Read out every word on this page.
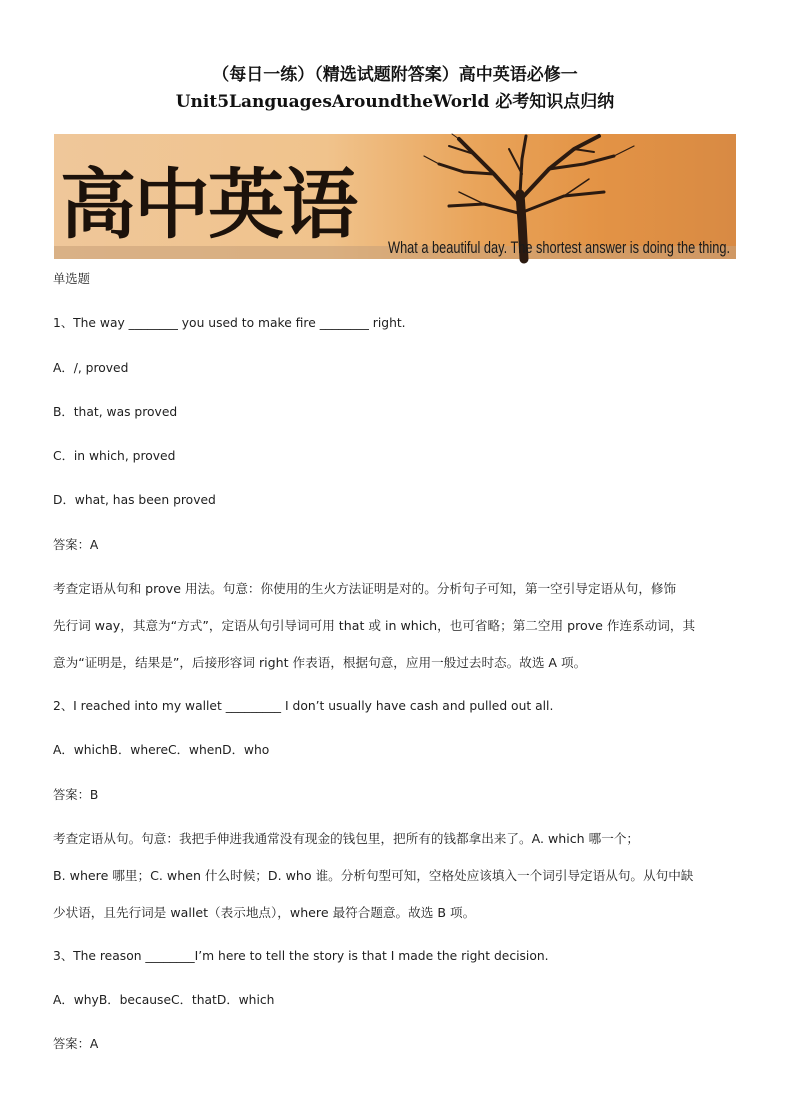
（每日一练）（精选试题附答案）高中英语必修一
Unit5LanguagesAroundtheWorld 必考知识点归纳
高中英语 What a beautiful day. The shortest answer is doing the thing.
单选题
1、The way ________ you used to make fire ________ right.
A．/, proved
B．that, was proved
C．in which, proved
D．what, has been proved
答案：A
考查定语从句和 prove 用法。句意：你使用的生火方法证明是对的。分析句子可知，第一空引导定语从句，修饰
先行词 way，其意为“方式”，定语从句引导词可用 that 或 in which，也可省略；第二空用 prove 作连系动词，其
意为“证明是，结果是”，后接形容词 right 作表语，根据句意，应用一般过去时态。故选 A 项。
2、I reached into my wallet _________ I don’t usually have cash and pulled out all.
A．whichB．whereC．whenD．who
答案：B
考查定语从句。句意：我把手伸进我通常没有现金的钱包里，把所有的钱都拿出来了。A. which 哪一个；
B. where 哪里；C. when 什么时候；D. who 谁。分析句型可知，空格处应该填入一个词引导定语从句。从句中缺
少状语，且先行词是 wallet（表示地点），where 最符合题意。故选 B 项。
3、The reason ________I’m here to tell the story is that I made the right decision.
A．whyB．becauseC．thatD．which
答案：A
